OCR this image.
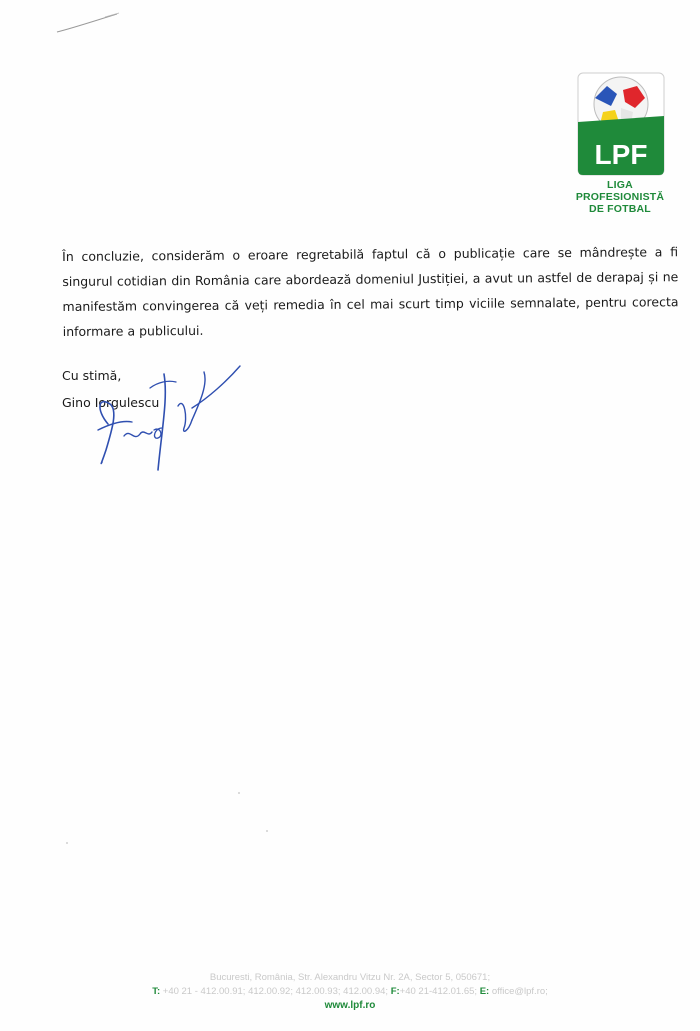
LPF
LIGA
PROFESIONISTĂ
DE FOTBAL
În concluzie, considerăm o eroare regretabilă faptul că o publicație care se mândrește a fi singurul cotidian din România care abordează domeniul Justiției, a avut un astfel de derapaj și ne manifestăm convingerea că veți remedia în cel mai scurt timp viciile semnalate, pentru corecta informare a publicului.
Cu stimă,
Gino Iorgulescu
Bucuresti, România, Str. Alexandru Vitzu Nr. 2A, Sector 5, 050671;
T: +40 21 - 412.00.91; 412.00.92; 412.00.93; 412.00.94; F:+40 21-412.01.65; E: office@lpf.ro;
www.lpf.ro
